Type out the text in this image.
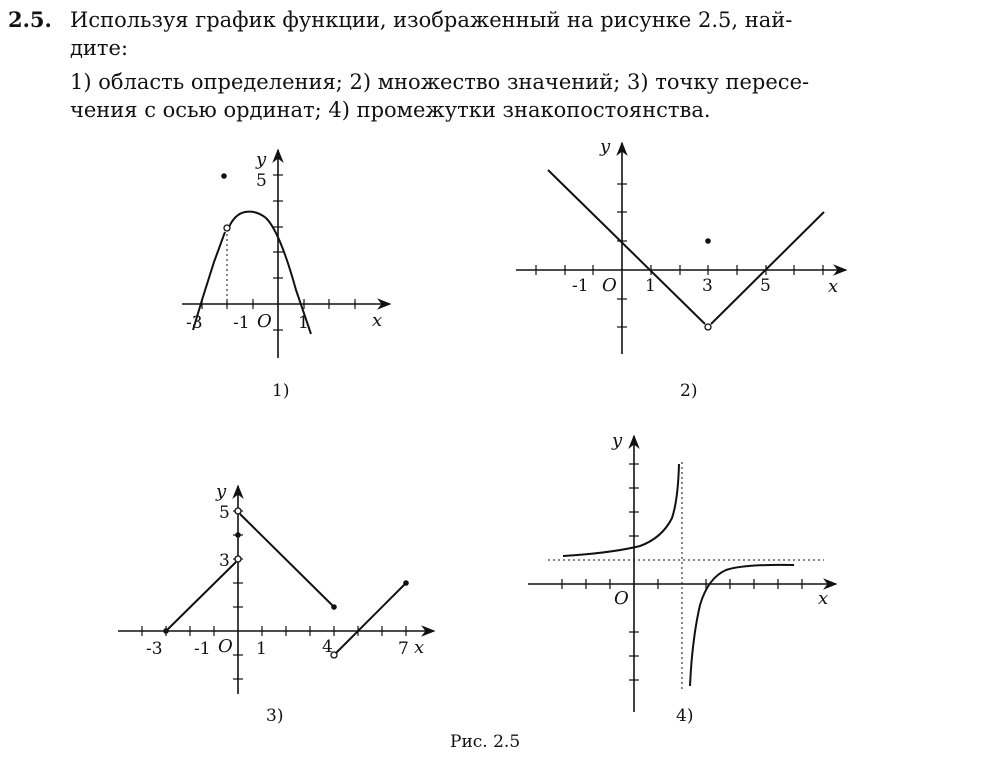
2.5. Используя график функции, изображенный на рисунке 2.5, най-
дите:
1) область определения; 2) множество значений; 3) точку пересе-
чения с осью ординат; 4) промежутки знакопостоянства.
y
x
O
-3 -1	1
5
1)
y
x
O
-1	1	3	5
2)
y
x
O
-3 -1	1	4	7
3
5
3)
y
x
O
4)
Рис. 2.5
